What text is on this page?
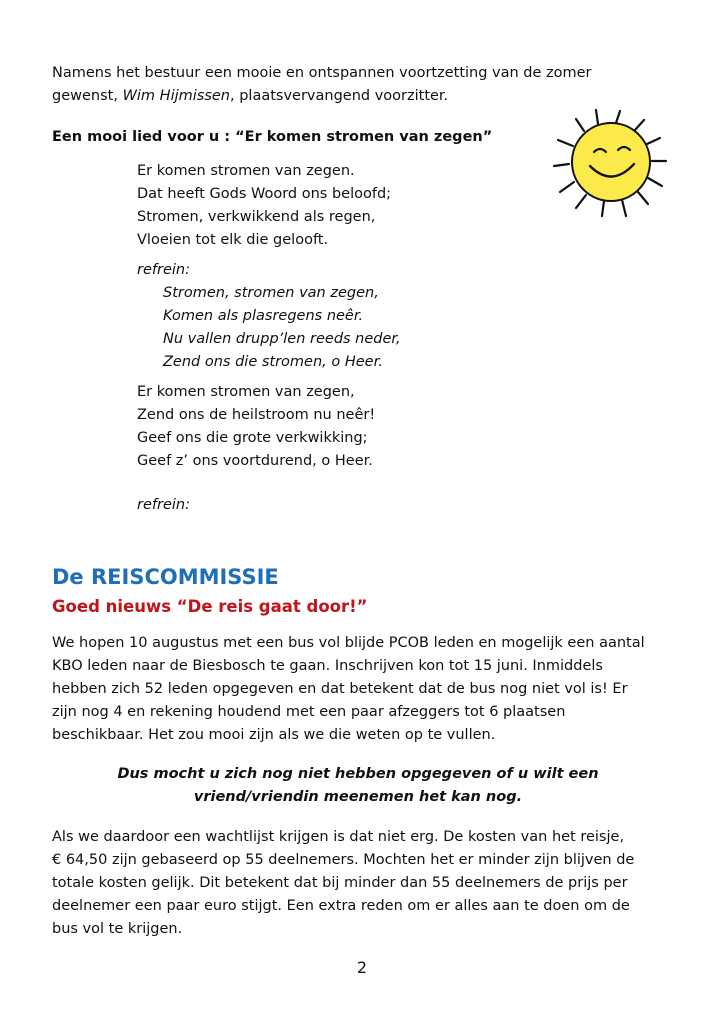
Namens het bestuur een mooie en ontspannen voortzetting van de zomer
gewenst, Wim Hijmissen, plaatsvervangend voorzitter.
Een mooi lied voor u : “Er komen stromen van zegen”
Er komen stromen van zegen.
Dat heeft Gods Woord ons beloofd;
Stromen, verkwikkend als regen,
Vloeien tot elk die gelooft.
refrein:
Stromen, stromen van zegen,
Komen als plasregens neêr.
Nu vallen drupp’len reeds neder,
Zend ons die stromen, o Heer.
Er komen stromen van zegen,
Zend ons de heilstroom nu neêr!
Geef ons die grote verkwikking;
Geef z’ ons voortdurend, o Heer.
refrein:
De REISCOMMISSIE
Goed nieuws “De reis gaat door!”
We hopen 10 augustus met een bus vol blijde PCOB leden en mogelijk een aantal
KBO leden naar de Biesbosch te gaan. Inschrijven kon tot 15 juni. Inmiddels
hebben zich 52 leden opgegeven en dat betekent dat de bus nog niet vol is! Er
zijn nog 4 en rekening houdend met een paar afzeggers tot 6 plaatsen
beschikbaar. Het zou mooi zijn als we die weten op te vullen.
Dus mocht u zich nog niet hebben opgegeven of u wilt een
vriend/vriendin meenemen het kan nog.
Als we daardoor een wachtlijst krijgen is dat niet erg. De kosten van het reisje,
€ 64,50 zijn gebaseerd op 55 deelnemers. Mochten het er minder zijn blijven de
totale kosten gelijk. Dit betekent dat bij minder dan 55 deelnemers de prijs per
deelnemer een paar euro stijgt. Een extra reden om er alles aan te doen om de
bus vol te krijgen.
2
